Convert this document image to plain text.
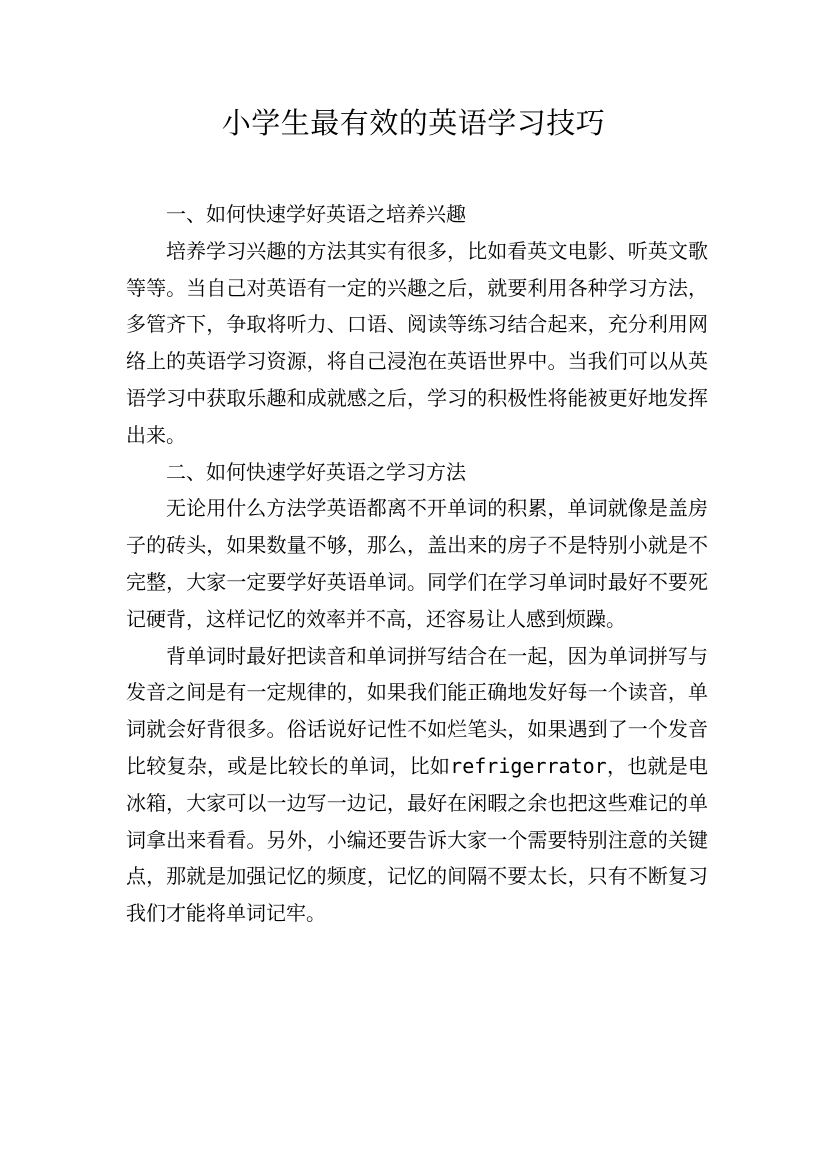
小学生最有效的英语学习技巧

一、如何快速学好英语之培养兴趣

培养学习兴趣的方法其实有很多，比如看英文电影、听英文歌等等。当自己对英语有一定的兴趣之后，就要利用各种学习方法，多管齐下，争取将听力、口语、阅读等练习结合起来，充分利用网络上的英语学习资源，将自己浸泡在英语世界中。当我们可以从英语学习中获取乐趣和成就感之后，学习的积极性将能被更好地发挥出来。

二、如何快速学好英语之学习方法

无论用什么方法学英语都离不开单词的积累，单词就像是盖房子的砖头，如果数量不够，那么，盖出来的房子不是特别小就是不完整，大家一定要学好英语单词。同学们在学习单词时最好不要死记硬背，这样记忆的效率并不高，还容易让人感到烦躁。

背单词时最好把读音和单词拼写结合在一起，因为单词拼写与发音之间是有一定规律的，如果我们能正确地发好每一个读音，单词就会好背很多。俗话说好记性不如烂笔头，如果遇到了一个发音比较复杂，或是比较长的单词，比如refrigerrator，也就是电冰箱，大家可以一边写一边记，最好在闲暇之余也把这些难记的单词拿出来看看。另外，小编还要告诉大家一个需要特别注意的关键点，那就是加强记忆的频度，记忆的间隔不要太长，只有不断复习我们才能将单词记牢。
